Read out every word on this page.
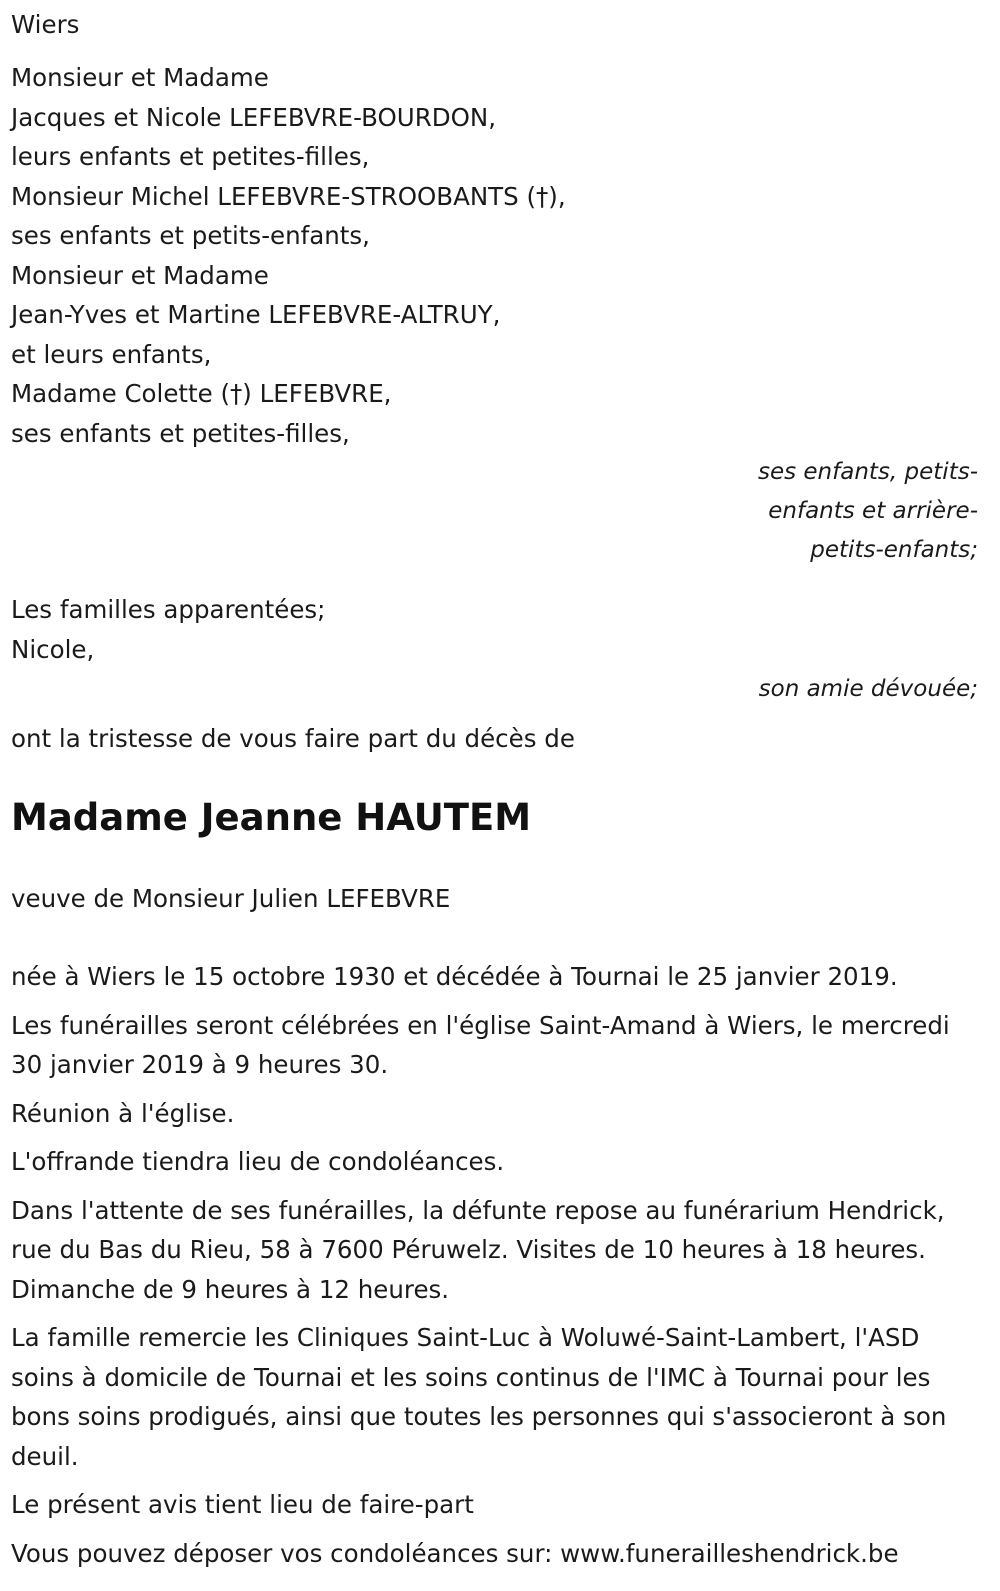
Wiers
Monsieur et Madame
Jacques et Nicole LEFEBVRE-BOURDON,
leurs enfants et petites-filles,
Monsieur Michel LEFEBVRE-STROOBANTS (†),
ses enfants et petits-enfants,
Monsieur et Madame
Jean-Yves et Martine LEFEBVRE-ALTRUY,
et leurs enfants,
Madame Colette (†) LEFEBVRE,
ses enfants et petites-filles,
ses enfants, petits-enfants et arrière-petits-enfants;
Les familles apparentées;
Nicole,
son amie dévouée;
ont la tristesse de vous faire part du décès de
Madame Jeanne HAUTEM
veuve de Monsieur Julien LEFEBVRE
née à Wiers le 15 octobre 1930 et décédée à Tournai le 25 janvier 2019.
Les funérailles seront célébrées en l'église Saint-Amand à Wiers, le mercredi 30 janvier 2019 à 9 heures 30.
Réunion à l'église.
L'offrande tiendra lieu de condoléances.
Dans l'attente de ses funérailles, la défunte repose au funérarium Hendrick, rue du Bas du Rieu, 58 à 7600 Péruwelz. Visites de 10 heures à 18 heures. Dimanche de 9 heures à 12 heures.
La famille remercie les Cliniques Saint-Luc à Woluwé-Saint-Lambert, l'ASD soins à domicile de Tournai et les soins continus de l'IMC à Tournai pour les bons soins prodigués, ainsi que toutes les personnes qui s'associeront à son deuil.
Le présent avis tient lieu de faire-part
Vous pouvez déposer vos condoléances sur: www.funerailleshendrick.be
